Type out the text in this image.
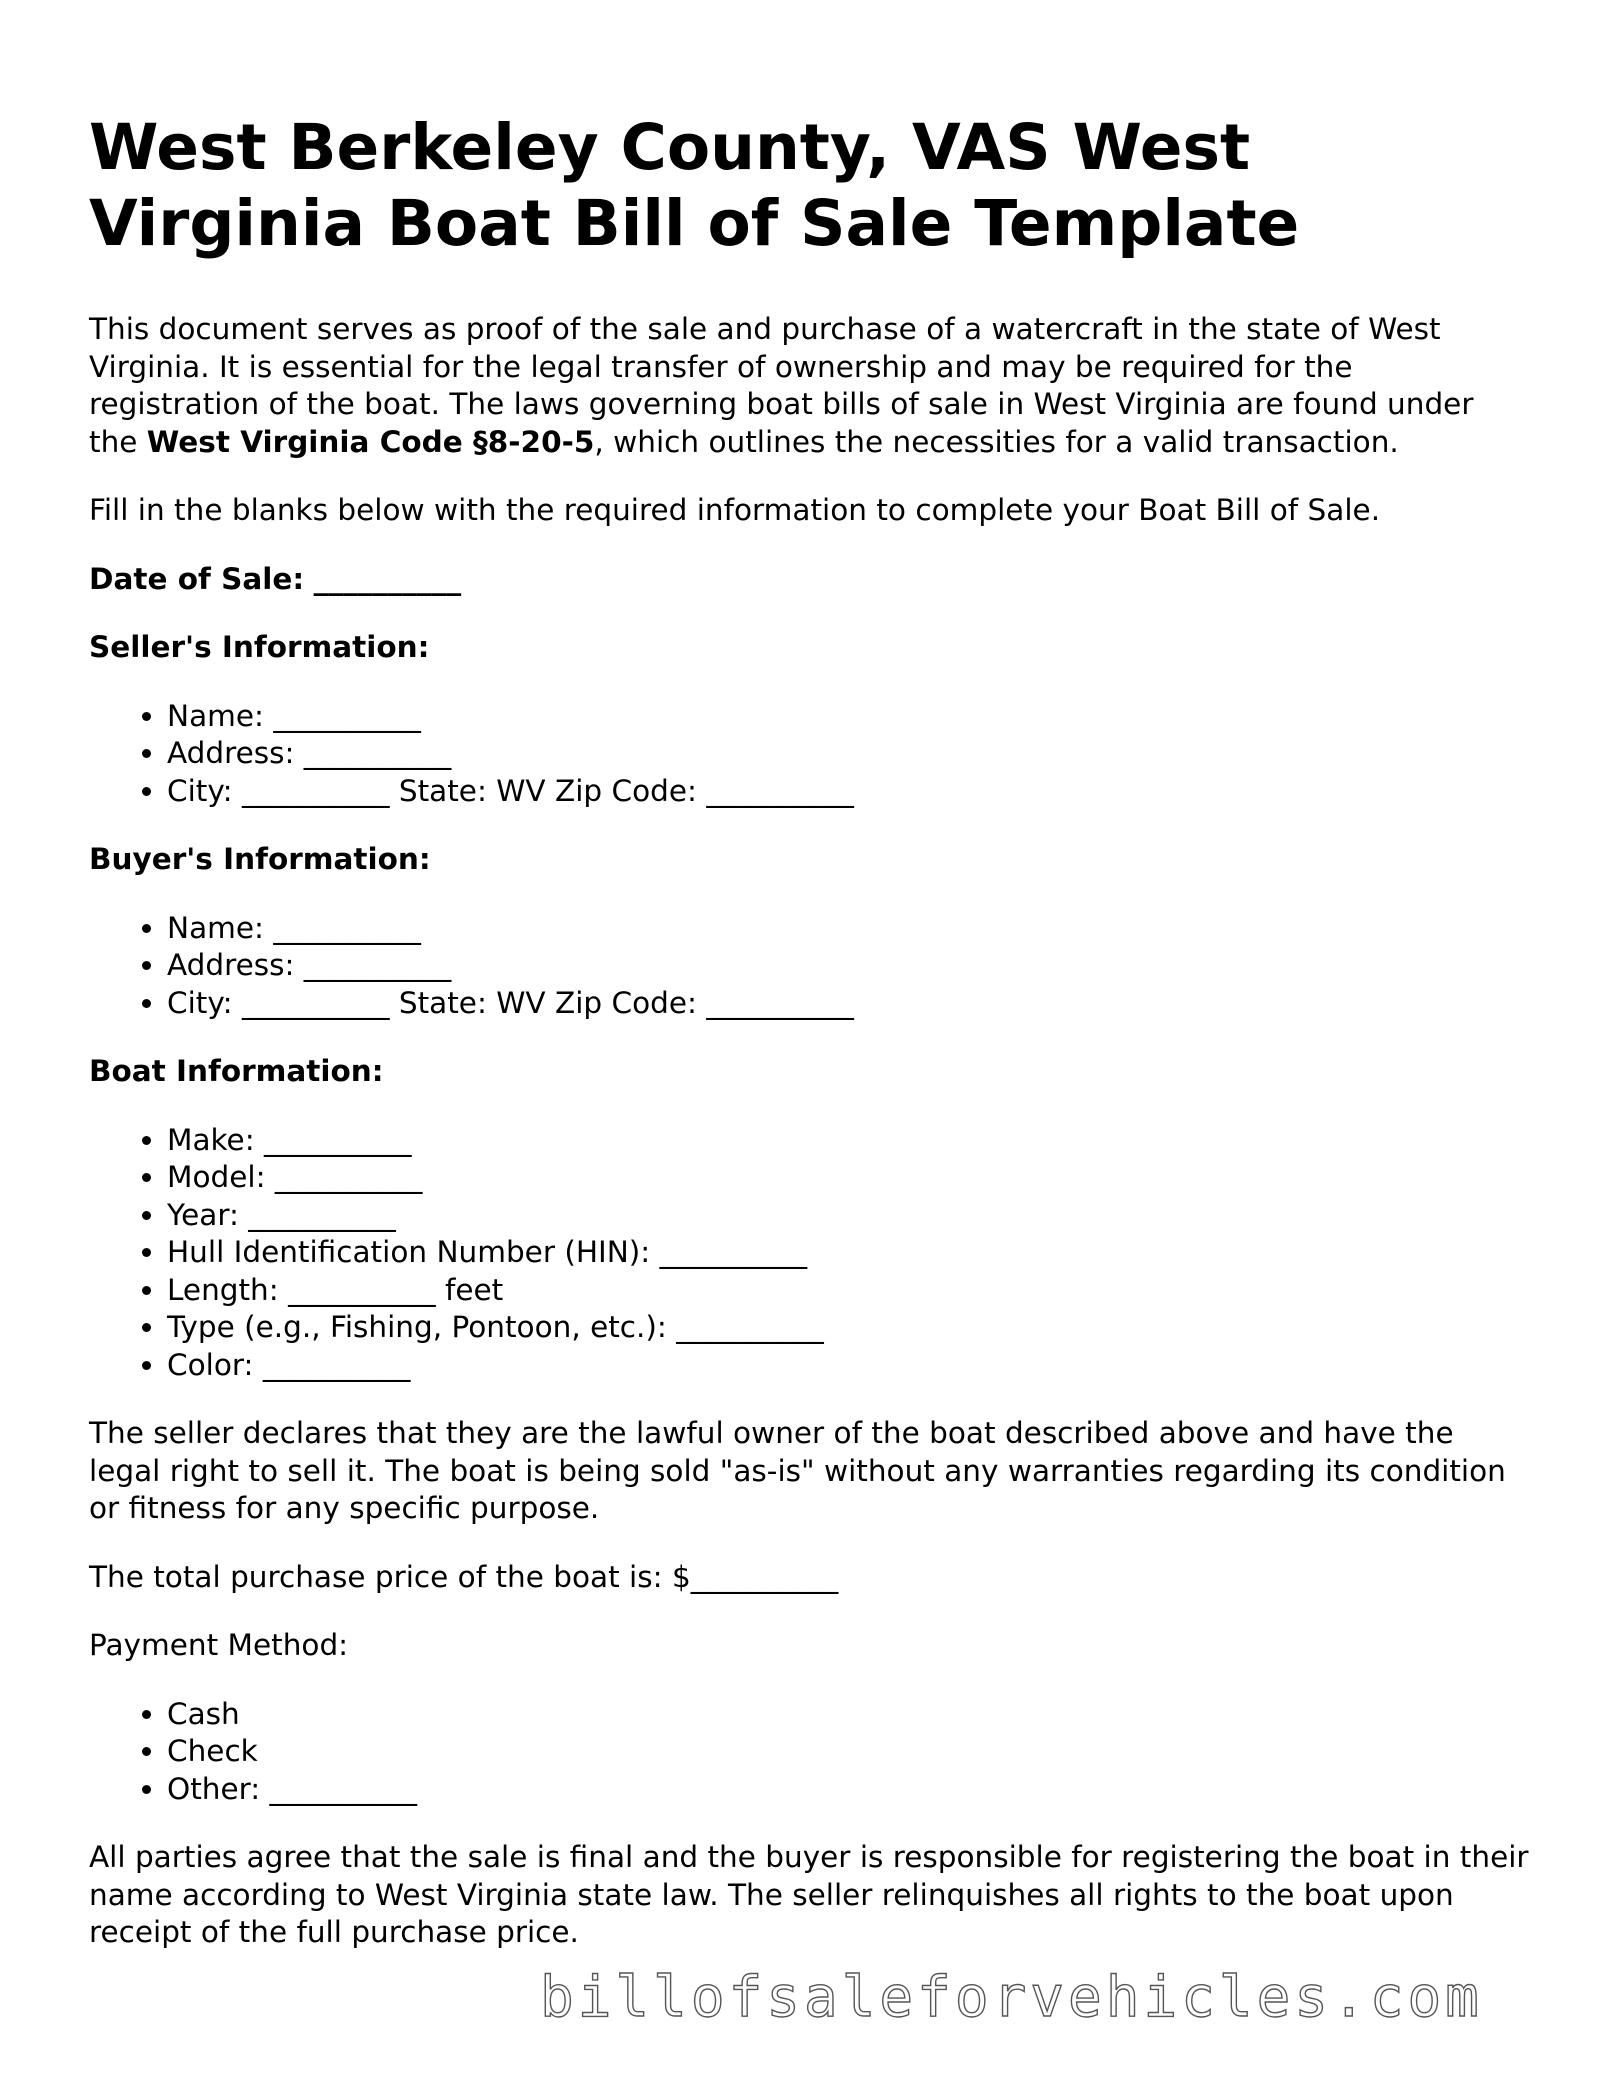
West Berkeley County, VAS West Virginia Boat Bill of Sale Template

This document serves as proof of the sale and purchase of a watercraft in the state of West Virginia. It is essential for the legal transfer of ownership and may be required for the registration of the boat. The laws governing boat bills of sale in West Virginia are found under the West Virginia Code §8-20-5, which outlines the necessities for a valid transaction.

Fill in the blanks below with the required information to complete your Boat Bill of Sale.

Date of Sale: __________

Seller's Information:

• Name: __________
• Address: __________
• City: __________ State: WV Zip Code: __________

Buyer's Information:

• Name: __________
• Address: __________
• City: __________ State: WV Zip Code: __________

Boat Information:

• Make: __________
• Model: __________
• Year: __________
• Hull Identification Number (HIN): __________
• Length: __________ feet
• Type (e.g., Fishing, Pontoon, etc.): __________
• Color: __________

The seller declares that they are the lawful owner of the boat described above and have the legal right to sell it. The boat is being sold "as-is" without any warranties regarding its condition or fitness for any specific purpose.

The total purchase price of the boat is: $__________

Payment Method:

• Cash
• Check
• Other: __________

All parties agree that the sale is final and the buyer is responsible for registering the boat in their name according to West Virginia state law. The seller relinquishes all rights to the boat upon receipt of the full purchase price.

billofsaleforvehicles.com
